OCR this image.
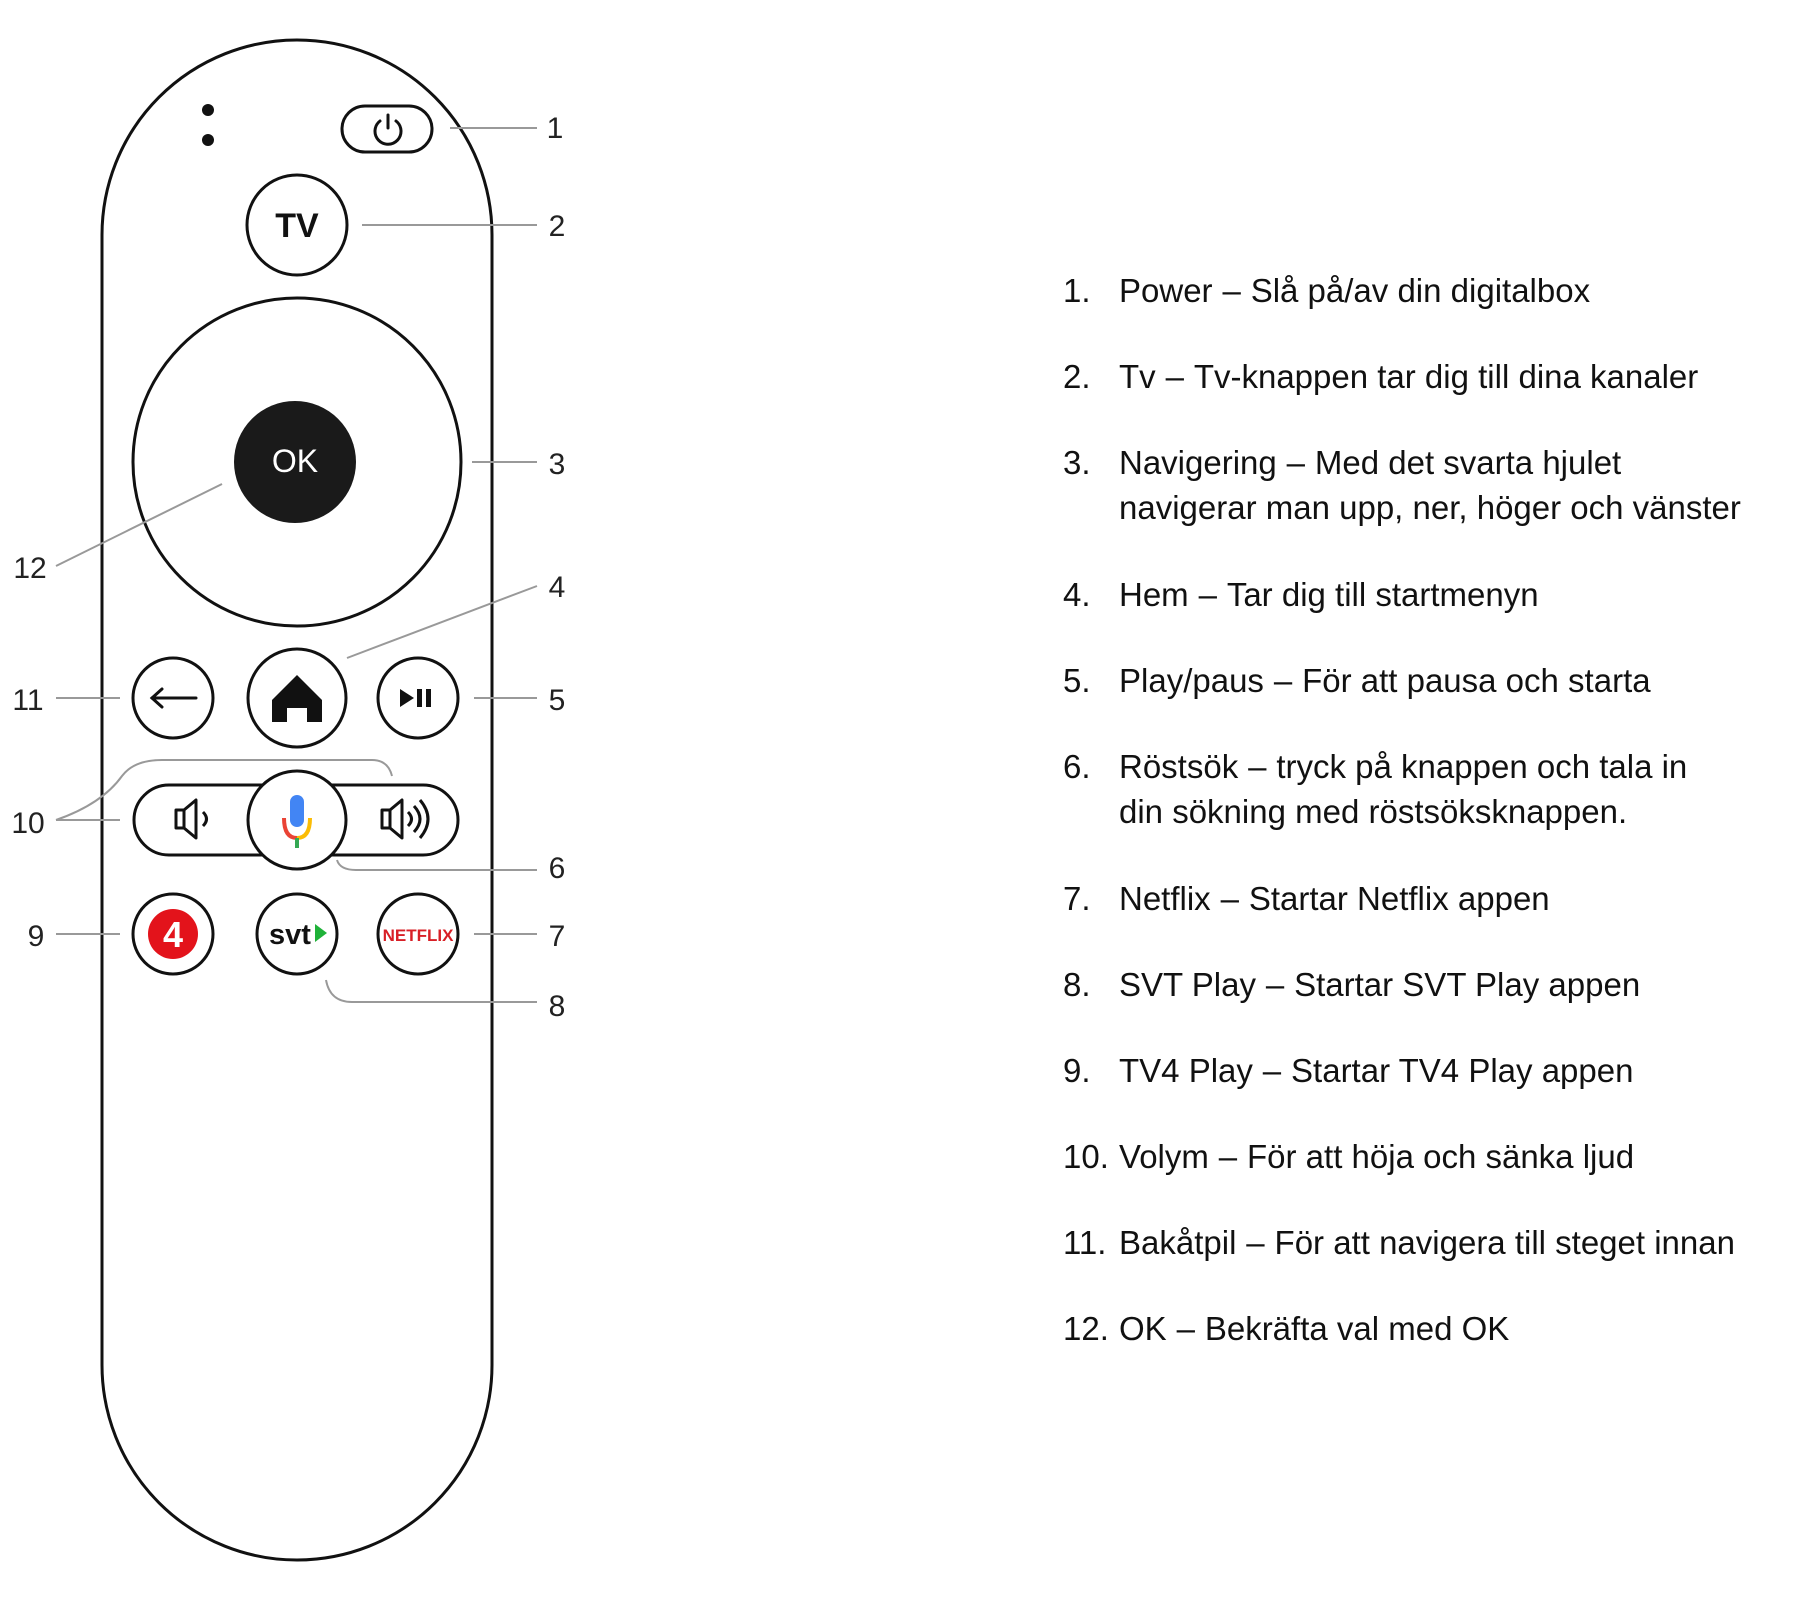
TV
OK
4	svt	NETFLIX
1
2
3
4
5
6
7
8
9
10
11
12
1. Power – Slå på/av din digitalbox
2. Tv – Tv-knappen tar dig till dina kanaler
3. Navigering – Med det svarta hjulet
navigerar man upp, ner, höger och vänster
4. Hem – Tar dig till startmenyn
5. Play/paus – För att pausa och starta
6. Röstsök – tryck på knappen och tala in
din sökning med röstsöksknappen.
7. Netflix – Startar Netflix appen
8. SVT Play – Startar SVT Play appen
9. TV4 Play – Startar TV4 Play appen
10. Volym – För att höja och sänka ljud
11. Bakåtpil – För att navigera till steget innan
12. OK – Bekräfta val med OK
